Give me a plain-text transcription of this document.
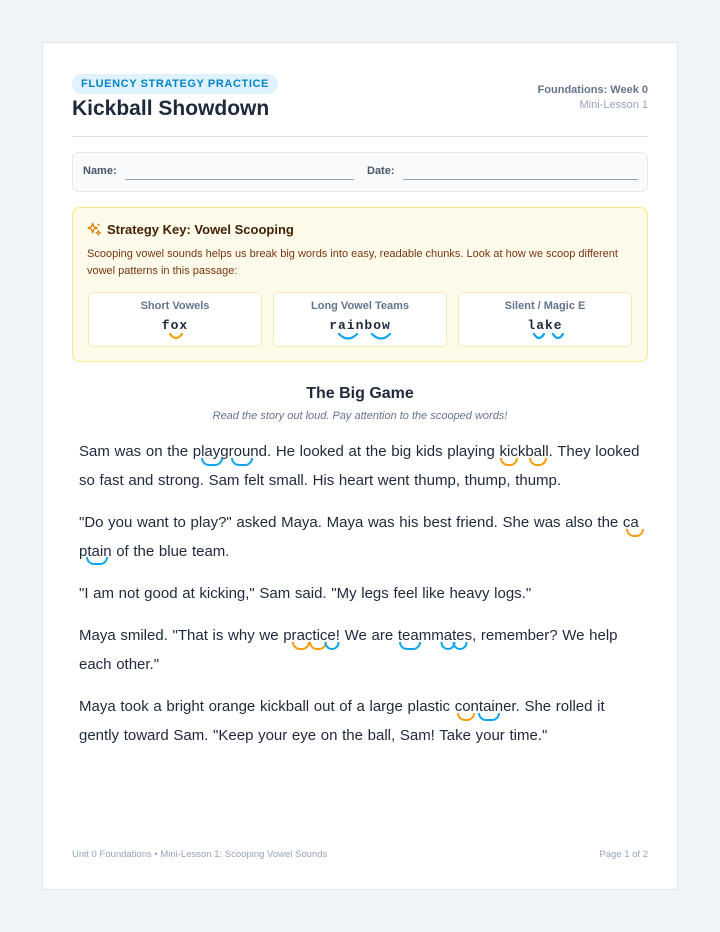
FLUENCY STRATEGY PRACTICE
Kickball Showdown
Foundations: Week 0
Mini-Lesson 1
Name:	Date:
Strategy Key: Vowel Scooping
Scooping vowel sounds helps us break big words into easy, readable chunks. Look at how we scoop different vowel patterns in this passage:
Short Vowels
fox
Long Vowel Teams
rainbow
Silent / Magic E
lake
The Big Game
Read the story out loud. Pay attention to the scooped words!

Sam was on the playground. He looked at the big kids playing kickball. They looked so fast and strong. Sam felt small. His heart went thump, thump, thump.

"Do you want to play?" asked Maya. Maya was his best friend. She was also the captain of the blue team.

"I am not good at kicking," Sam said. "My legs feel like heavy logs."

Maya smiled. "That is why we practice! We are teammates, remember? We help each other."

Maya took a bright orange kickball out of a large plastic container. She rolled it gently toward Sam. "Keep your eye on the ball, Sam! Take your time."

Unit 0 Foundations • Mini-Lesson 1: Scooping Vowel Sounds	Page 1 of 2
